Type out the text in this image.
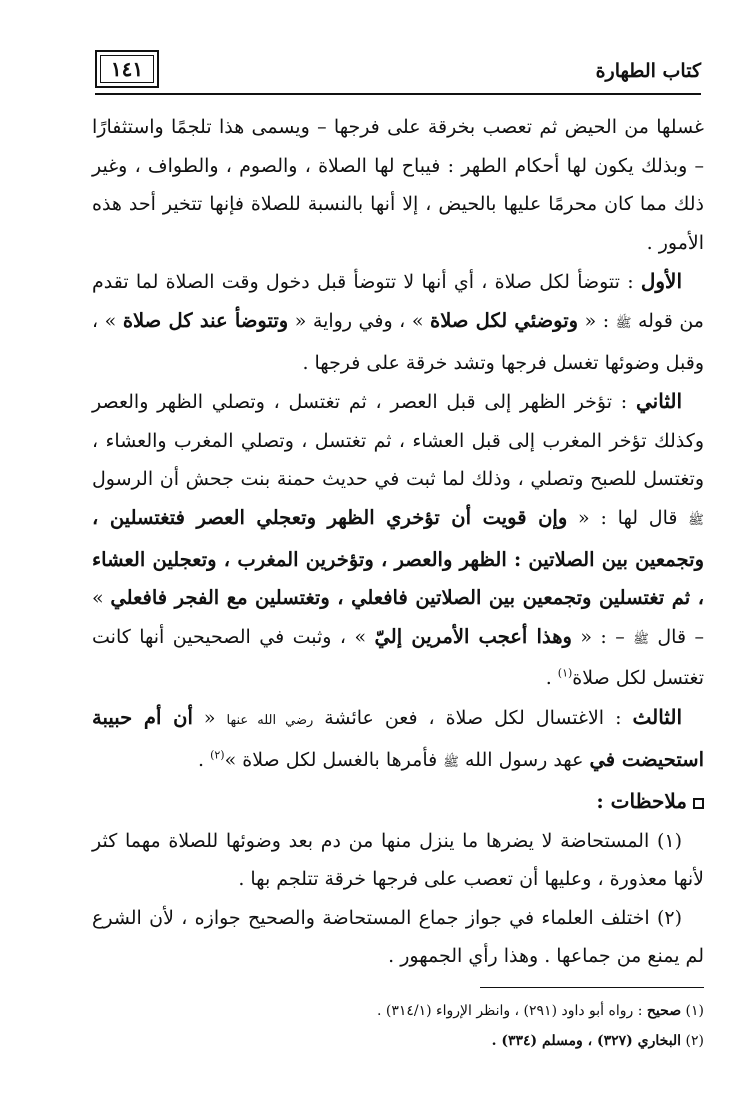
١٤١	كتاب الطهارة

غسلها من الحيض ثم تعصب بخرقة على فرجها – ويسمى هذا تلجمًا واستثفارًا – وبذلك يكون لها أحكام الطهر : فيباح لها الصلاة ، والصوم ، والطواف ، وغير ذلك مما كان محرمًا عليها بالحيض ، إلا أنها بالنسبة للصلاة فإنها تتخير أحد هذه الأمور .

الأول : تتوضأ لكل صلاة ، أي أنها لا تتوضأ قبل دخول وقت الصلاة لما تقدم من قوله ﷺ : « وتوضئي لكل صلاة » ، وفي رواية « وتتوضأ عند كل صلاة » ، وقبل وضوئها تغسل فرجها وتشد خرقة على فرجها .

الثاني : تؤخر الظهر إلى قبل العصر ، ثم تغتسل ، وتصلي الظهر والعصر وكذلك تؤخر المغرب إلى قبل العشاء ، ثم تغتسل ، وتصلي المغرب والعشاء ، وتغتسل للصبح وتصلي ، وذلك لما ثبت في حديث حمنة بنت جحش أن الرسول ﷺ قال لها : « وإن قويت أن تؤخري الظهر وتعجلي العصر فتغتسلين ، وتجمعين بين الصلاتين : الظهر والعصر ، وتؤخرين المغرب ، وتعجلين العشاء ، ثم تغتسلين وتجمعين بين الصلاتين فافعلي ، وتغتسلين مع الفجر فافعلي » – قال ﷺ – : « وهذا أعجب الأمرين إليّ » ، وثبت في الصحيحين أنها كانت تغتسل لكل صلاة$^{(١)}$ .

الثالث : الاغتسال لكل صلاة ، فعن عائشة رضي الله عنها « أن أم حبيبة استحيضت في عهد رسول الله ﷺ فأمرها بالغسل لكل صلاة »$^{(٢)}$ .

ملاحظات :

(١) المستحاضة لا يضرها ما ينزل منها من دم بعد وضوئها للصلاة مهما كثر لأنها معذورة ، وعليها أن تعصب على فرجها خرقة تتلجم بها .

(٢) اختلف العلماء في جواز جماع المستحاضة والصحيح جوازه ، لأن الشرع لم يمنع من جماعها . وهذا رأي الجمهور .

(١) صحيح : رواه أبو داود (٢٩١) ، وانظر الإرواء (٣١٤/١) .
(٢) البخاري (٣٢٧) ، ومسلم (٣٣٤) .
